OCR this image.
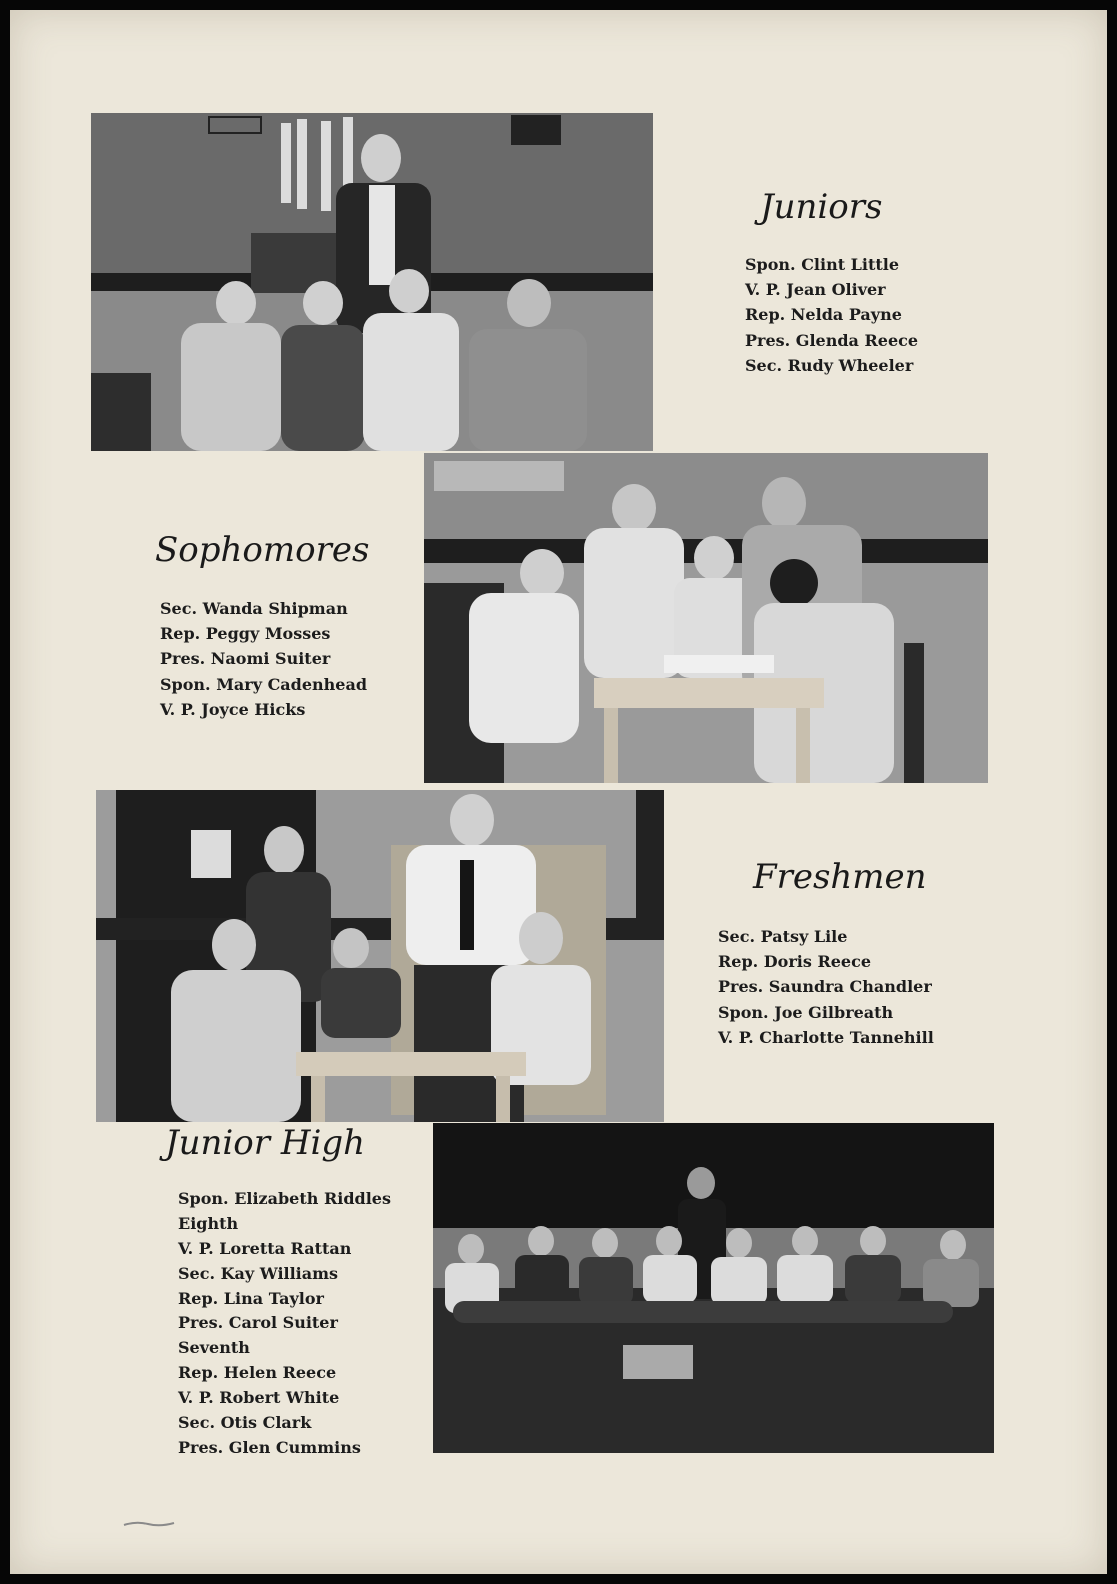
Juniors
Spon. Clint Little
V. P. Jean Oliver
Rep. Nelda Payne
Pres. Glenda Reece
Sec. Rudy Wheeler
Sophomores
Sec. Wanda Shipman
Rep. Peggy Mosses
Pres. Naomi Suiter
Spon. Mary Cadenhead
V. P. Joyce Hicks
Freshmen
Sec. Patsy Lile
Rep. Doris Reece
Pres. Saundra Chandler
Spon. Joe Gilbreath
V. P. Charlotte Tannehill
Junior High
Spon. Elizabeth Riddles
Eighth
V. P. Loretta Rattan
Sec. Kay Williams
Rep. Lina Taylor
Pres. Carol Suiter
Seventh
Rep. Helen Reece
V. P. Robert White
Sec. Otis Clark
Pres. Glen Cummins
